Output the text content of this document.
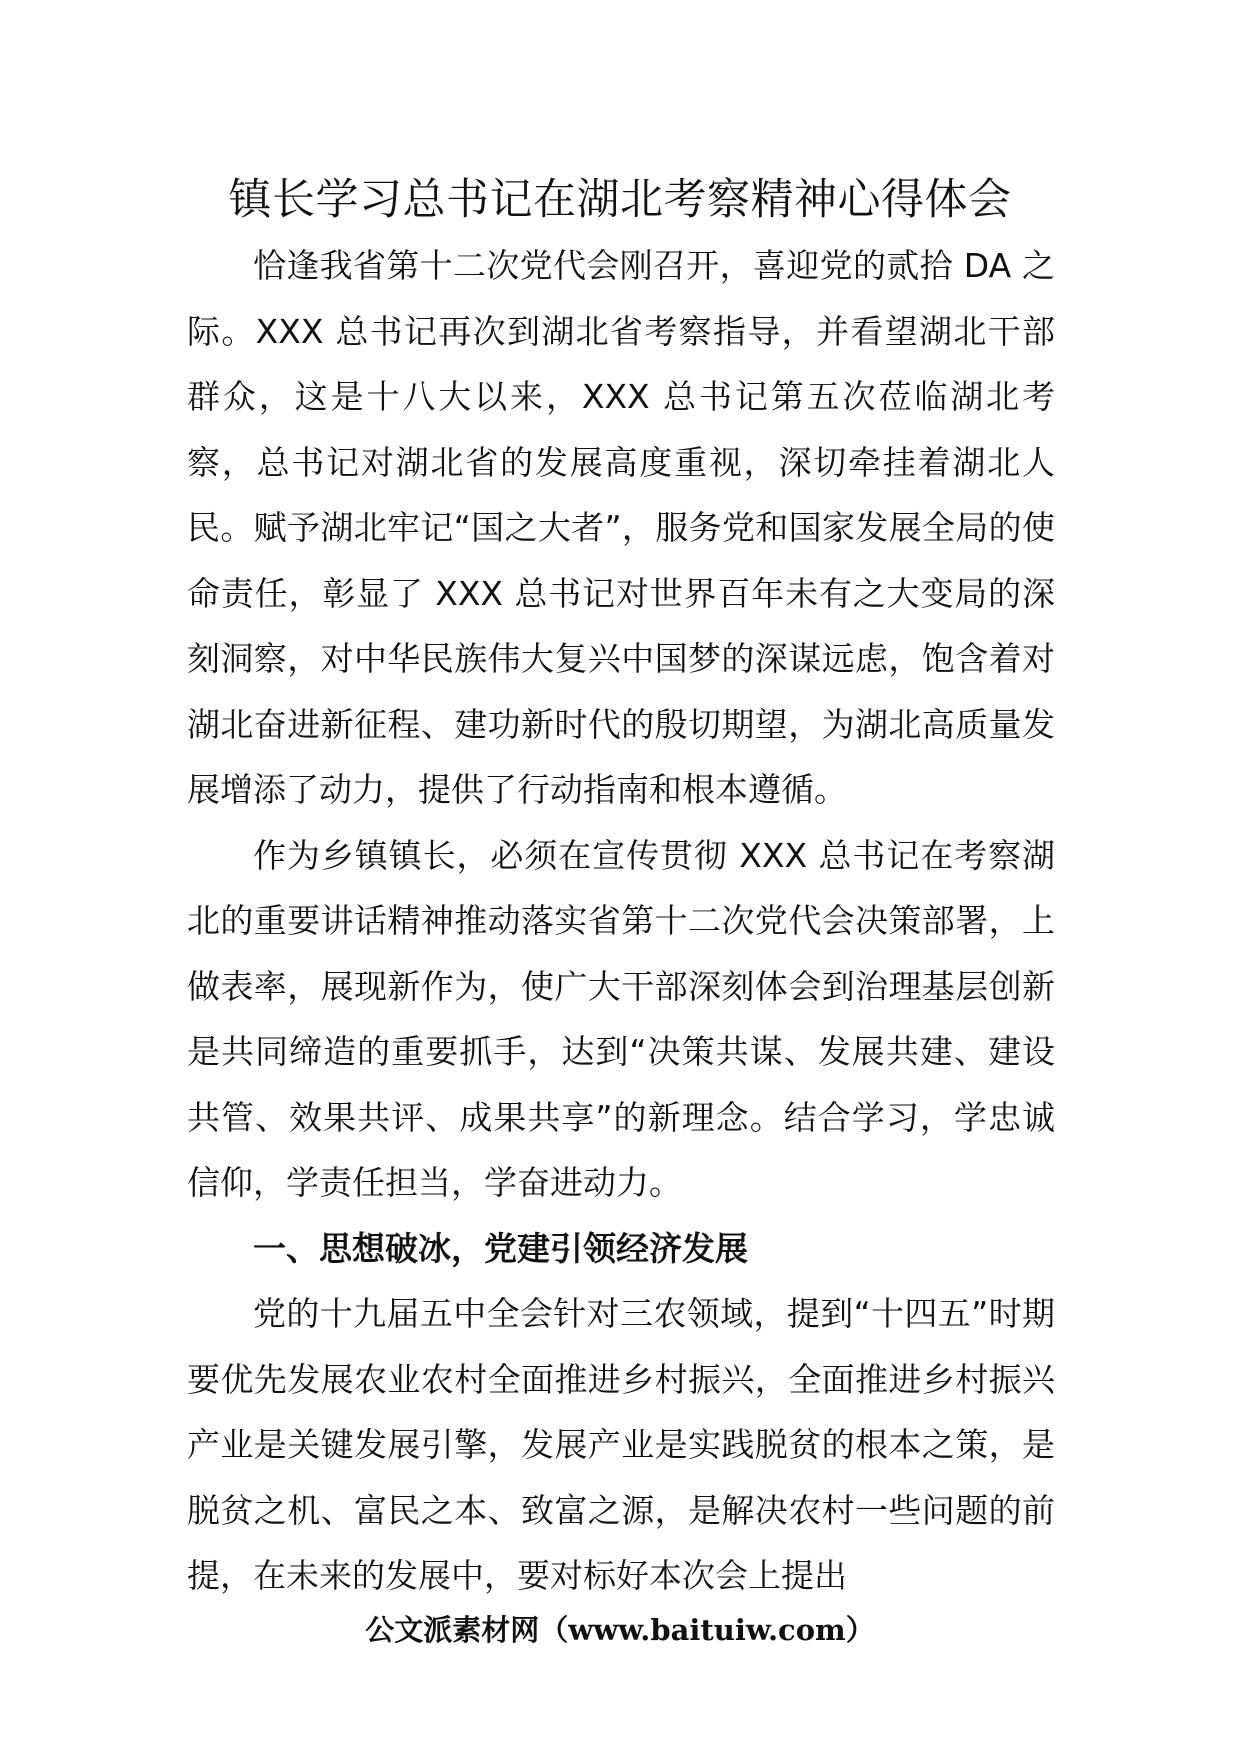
镇长学习总书记在湖北考察精神心得体会

恰逢我省第十二次党代会刚召开，喜迎党的贰拾 DA 之际。XXX 总书记再次到湖北省考察指导，并看望湖北干部群众，这是十八大以来，XXX 总书记第五次莅临湖北考察，总书记对湖北省的发展高度重视，深切牵挂着湖北人民。赋予湖北牢记“国之大者”，服务党和国家发展全局的使命责任，彰显了 XXX 总书记对世界百年未有之大变局的深刻洞察，对中华民族伟大复兴中国梦的深谋远虑，饱含着对湖北奋进新征程、建功新时代的殷切期望，为湖北高质量发展增添了动力，提供了行动指南和根本遵循。

作为乡镇镇长，必须在宣传贯彻 XXX 总书记在考察湖北的重要讲话精神推动落实省第十二次党代会决策部署，上做表率，展现新作为，使广大干部深刻体会到治理基层创新是共同缔造的重要抓手，达到“决策共谋、发展共建、建设共管、效果共评、成果共享”的新理念。结合学习，学忠诚信仰，学责任担当，学奋进动力。

一、思想破冰，党建引领经济发展

党的十九届五中全会针对三农领域，提到“十四五”时期要优先发展农业农村全面推进乡村振兴，全面推进乡村振兴产业是关键发展引擎，发展产业是实践脱贫的根本之策，是脱贫之机、富民之本、致富之源，是解决农村一些问题的前提，在未来的发展中，要对标好本次会上提出

公文派素材网（www.baituiw.com）
